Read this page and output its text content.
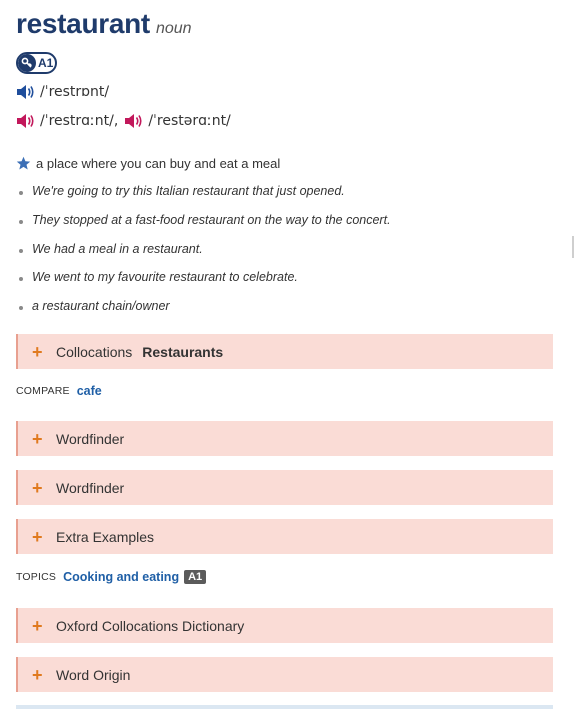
restaurant noun
A1
/ˈrestrɒnt/
/ˈrestrɑːnt/ , /ˈrestərɑːnt/
a place where you can buy and eat a meal
We're going to try this Italian restaurant that just opened.
They stopped at a fast-food restaurant on the way to the concert.
We had a meal in a restaurant.
We went to my favourite restaurant to celebrate.
a restaurant chain/owner
+ Collocations Restaurants
COMPARE cafe
+ Wordfinder
+ Wordfinder
+ Extra Examples
TOPICS Cooking and eating A1
+ Oxford Collocations Dictionary
+ Word Origin
